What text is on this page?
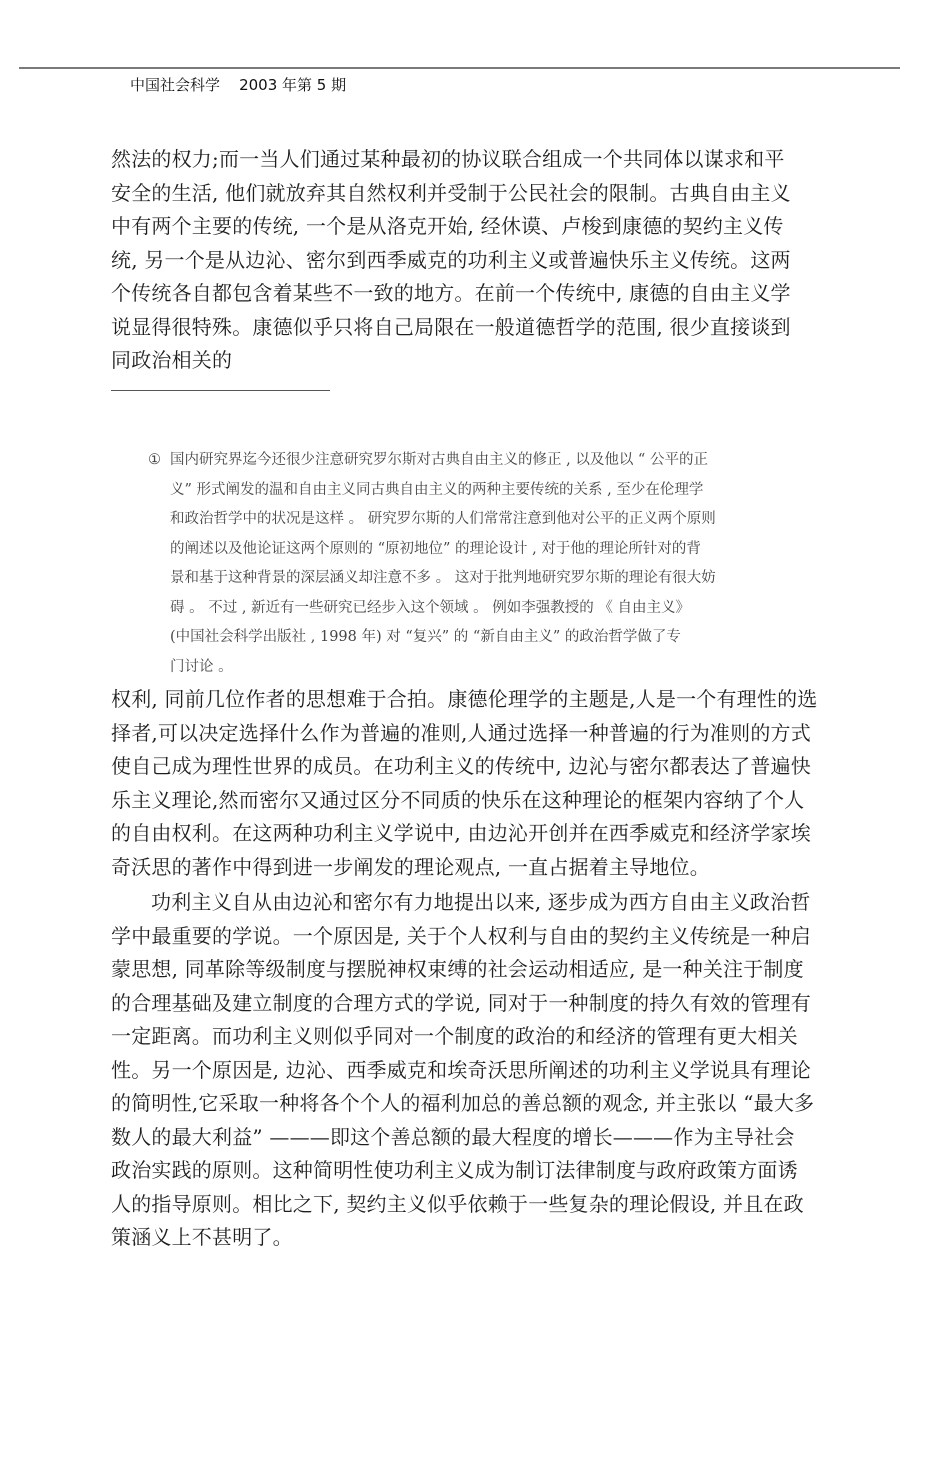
中国社会科学 2003 年第 5 期
然法的权力;而一当人们通过某种最初的协议联合组成一个共同体以谋求和平
安全的生活, 他们就放弃其自然权利并受制于公民社会的限制。古典自由主义
中有两个主要的传统, 一个是从洛克开始, 经休谟、卢梭到康德的契约主义传
统, 另一个是从边沁、密尔到西季威克的功利主义或普遍快乐主义传统。这两
个传统各自都包含着某些不一致的地方。在前一个传统中, 康德的自由主义学
说显得很特殊。康德似乎只将自己局限在一般道德哲学的范围, 很少直接谈到
同政治相关的
① 国内研究界迄今还很少注意研究罗尔斯对古典自由主义的修正 , 以及他以 “ 公平的正
义” 形式阐发的温和自由主义同古典自由主义的两种主要传统的关系 , 至少在伦理学
和政治哲学中的状况是这样 。 研究罗尔斯的人们常常注意到他对公平的正义两个原则
的阐述以及他论证这两个原则的 “原初地位” 的理论设计 , 对于他的理论所针对的背
景和基于这种背景的深层涵义却注意不多 。 这对于批判地研究罗尔斯的理论有很大妨
碍 。 不过 , 新近有一些研究已经步入这个领域 。 例如李强教授的 《 自由主义》
(中国社会科学出版社 , 1998 年) 对 “复兴” 的 “新自由主义” 的政治哲学做了专
门讨论 。
权利, 同前几位作者的思想难于合拍。康德伦理学的主题是,人是一个有理性的选
择者,可以决定选择什么作为普遍的准则,人通过选择一种普遍的行为准则的方式
使自己成为理性世界的成员。在功利主义的传统中, 边沁与密尔都表达了普遍快
乐主义理论,然而密尔又通过区分不同质的快乐在这种理论的框架内容纳了个人
的自由权利。在这两种功利主义学说中, 由边沁开创并在西季威克和经济学家埃
奇沃思的著作中得到进一步阐发的理论观点, 一直占据着主导地位。
功利主义自从由边沁和密尔有力地提出以来, 逐步成为西方自由主义政治哲
学中最重要的学说。一个原因是, 关于个人权利与自由的契约主义传统是一种启
蒙思想, 同革除等级制度与摆脱神权束缚的社会运动相适应, 是一种关注于制度
的合理基础及建立制度的合理方式的学说, 同对于一种制度的持久有效的管理有
一定距离。而功利主义则似乎同对一个制度的政治的和经济的管理有更大相关
性。另一个原因是, 边沁、西季威克和埃奇沃思所阐述的功利主义学说具有理论
的简明性,它采取一种将各个个人的福利加总的善总额的观念, 并主张以 “最大多
数人的最大利益” ———即这个善总额的最大程度的增长———作为主导社会
政治实践的原则。这种简明性使功利主义成为制订法律制度与政府政策方面诱
人的指导原则。相比之下, 契约主义似乎依赖于一些复杂的理论假设, 并且在政
策涵义上不甚明了。
